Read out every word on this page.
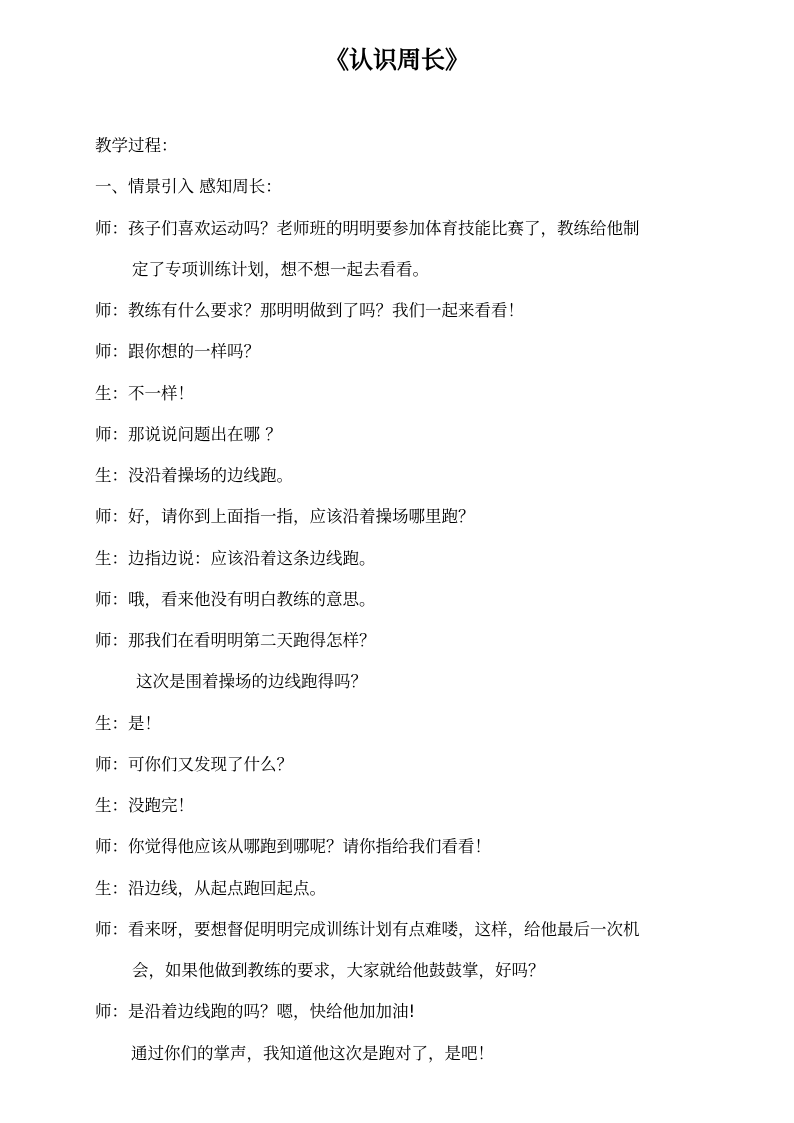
《认识周长》
教学过程：
一、情景引入 感知周长：
师：孩子们喜欢运动吗？老师班的明明要参加体育技能比赛了，教练给他制
定了专项训练计划，想不想一起去看看。
师：教练有什么要求？那明明做到了吗？我们一起来看看！
师：跟你想的一样吗？
生：不一样！
师：那说说问题出在哪 ？
生：没沿着操场的边线跑。
师：好，请你到上面指一指，应该沿着操场哪里跑？
生：边指边说：应该沿着这条边线跑。
师：哦，看来他没有明白教练的意思。
师：那我们在看明明第二天跑得怎样？
这次是围着操场的边线跑得吗？
生：是！
师：可你们又发现了什么？
生：没跑完！
师：你觉得他应该从哪跑到哪呢？请你指给我们看看！
生：沿边线，从起点跑回起点。
师：看来呀，要想督促明明完成训练计划有点难喽，这样，给他最后一次机
会，如果他做到教练的要求，大家就给他鼓鼓掌，好吗？
师：是沿着边线跑的吗？嗯，快给他加加油!
通过你们的掌声，我知道他这次是跑对了，是吧！
